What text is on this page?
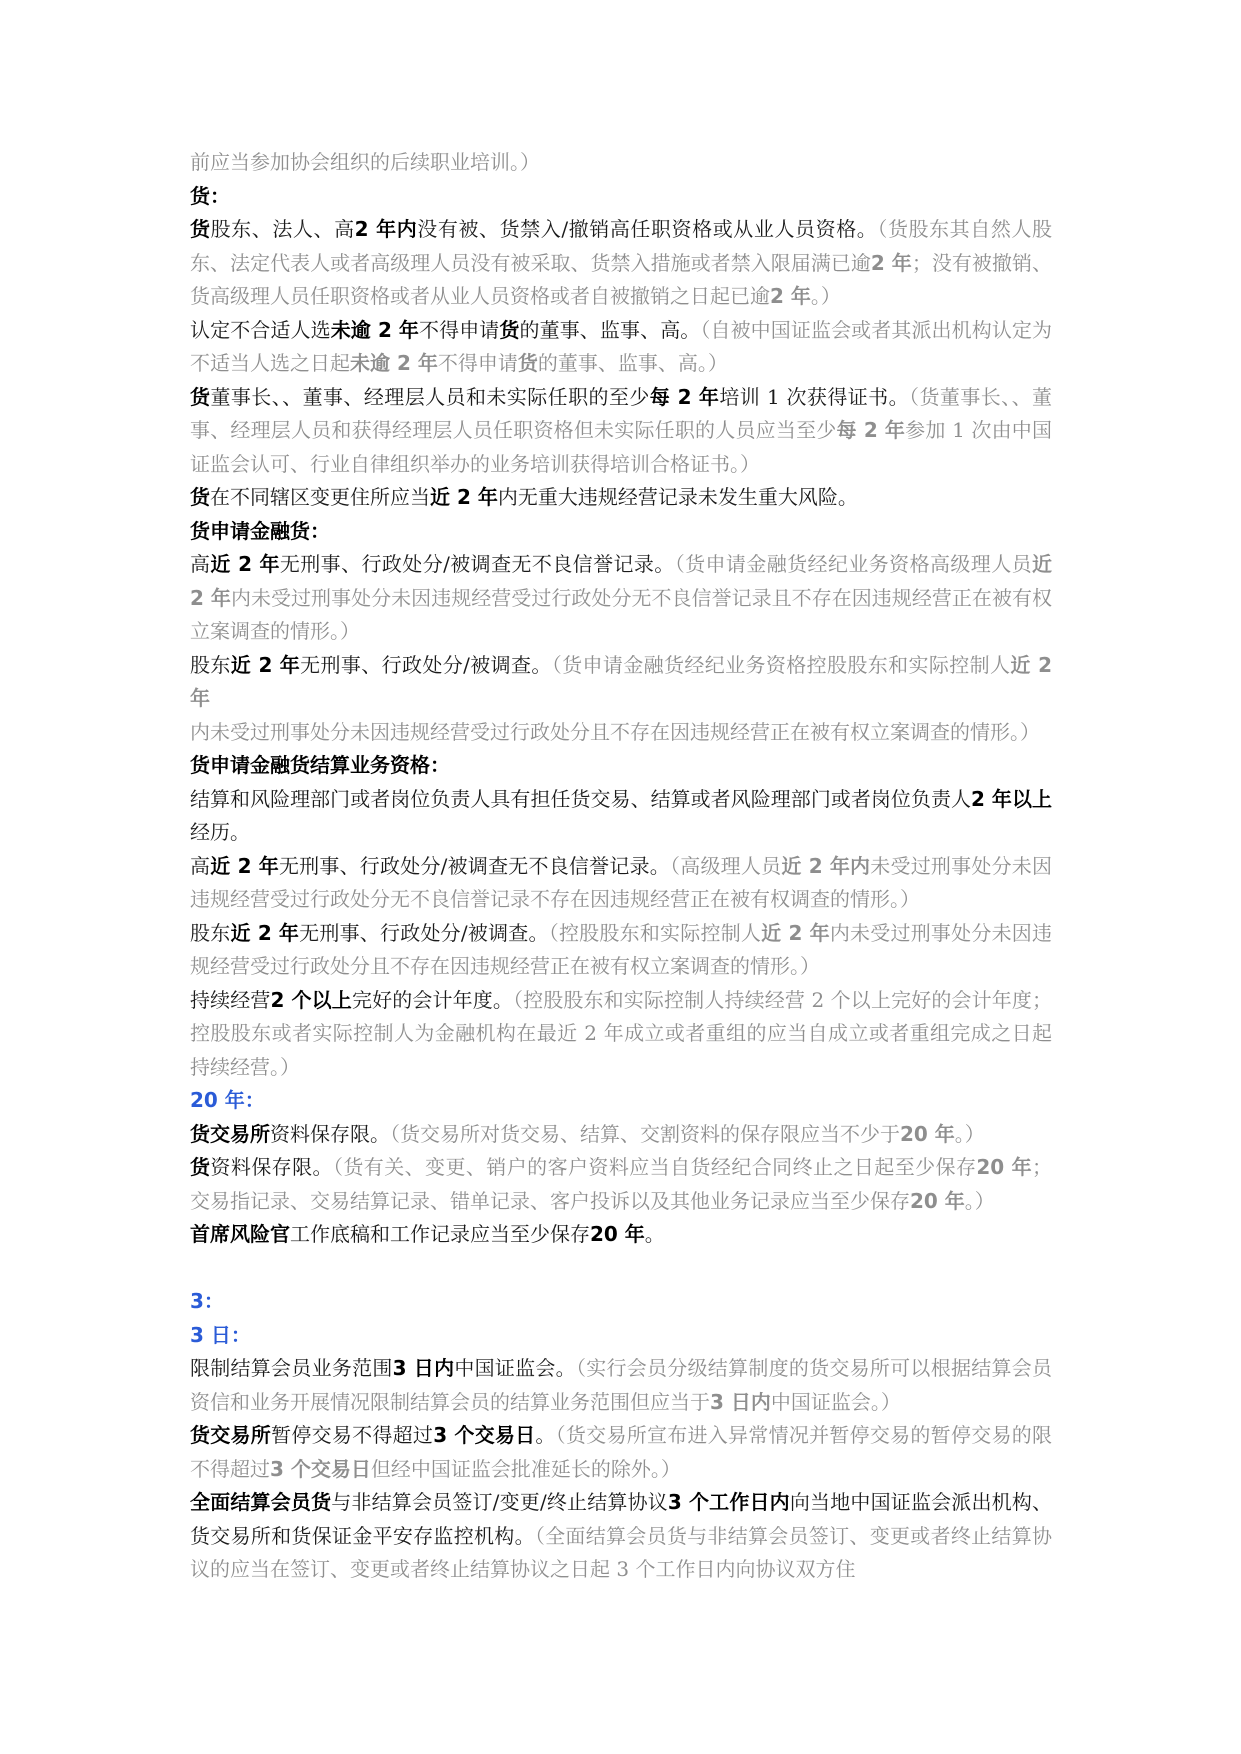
前应当参加协会组织的后续职业培训。）

货：

货股东、法人、高2 年内没有被、货禁入/撤销高任职资格或从业人员资格。（货股东其自然人股东、法定代表人或者高级理人员没有被采取、货禁入措施或者禁入限届满已逾2 年；没有被撤销、货高级理人员任职资格或者从业人员资格或者自被撤销之日起已逾2 年。）

认定不合适人选未逾 2 年不得申请货的董事、监事、高。（自被中国证监会或者其派出机构认定为不适当人选之日起未逾 2 年不得申请货的董事、监事、高。）

货董事长、、董事、经理层人员和未实际任职的至少每 2 年培训 1 次获得证书。（货董事长、、董事、经理层人员和获得经理层人员任职资格但未实际任职的人员应当至少每 2 年参加 1 次由中国证监会认可、行业自律组织举办的业务培训获得培训合格证书。）

货在不同辖区变更住所应当近 2 年内无重大违规经营记录未发生重大风险。

货申请金融货：

高近 2 年无刑事、行政处分/被调查无不良信誉记录。（货申请金融货经纪业务资格高级理人员近 2 年内未受过刑事处分未因违规经营受过行政处分无不良信誉记录且不存在因违规经营正在被有权立案调查的情形。）

股东近 2 年无刑事、行政处分/被调查。（货申请金融货经纪业务资格控股股东和实际控制人近 2 年内未受过刑事处分未因违规经营受过行政处分且不存在因违规经营正在被有权立案调查的情形。）

货申请金融货结算业务资格：

结算和风险理部门或者岗位负责人具有担任货交易、结算或者风险理部门或者岗位负责人2 年以上经历。

高近 2 年无刑事、行政处分/被调查无不良信誉记录。（高级理人员近 2 年内未受过刑事处分未因违规经营受过行政处分无不良信誉记录不存在因违规经营正在被有权调查的情形。）

股东近 2 年无刑事、行政处分/被调查。（控股股东和实际控制人近 2 年内未受过刑事处分未因违规经营受过行政处分且不存在因违规经营正在被有权立案调查的情形。）

持续经营2 个以上完好的会计年度。（控股股东和实际控制人持续经营 2 个以上完好的会计年度；控股股东或者实际控制人为金融机构在最近 2 年成立或者重组的应当自成立或者重组完成之日起持续经营。）

20 年：

货交易所资料保存限。（货交易所对货交易、结算、交割资料的保存限应当不少于20 年。）

货资料保存限。（货有关、变更、销户的客户资料应当自货经纪合同终止之日起至少保存20 年；交易指记录、交易结算记录、错单记录、客户投诉以及其他业务记录应当至少保存20 年。）

首席风险官工作底稿和工作记录应当至少保存20 年。

3：

3 日：

限制结算会员业务范围3 日内中国证监会。（实行会员分级结算制度的货交易所可以根据结算会员资信和业务开展情况限制结算会员的结算业务范围但应当于3 日内中国证监会。）

货交易所暂停交易不得超过3 个交易日。（货交易所宣布进入异常情况并暂停交易的暂停交易的限不得超过3 个交易日但经中国证监会批准延长的除外。）

全面结算会员货与非结算会员签订/变更/终止结算协议3 个工作日内向当地中国证监会派出机构、货交易所和货保证金平安存监控机构。（全面结算会员货与非结算会员签订、变更或者终止结算协议的应当在签订、变更或者终止结算协议之日起 3 个工作日内向协议双方住
